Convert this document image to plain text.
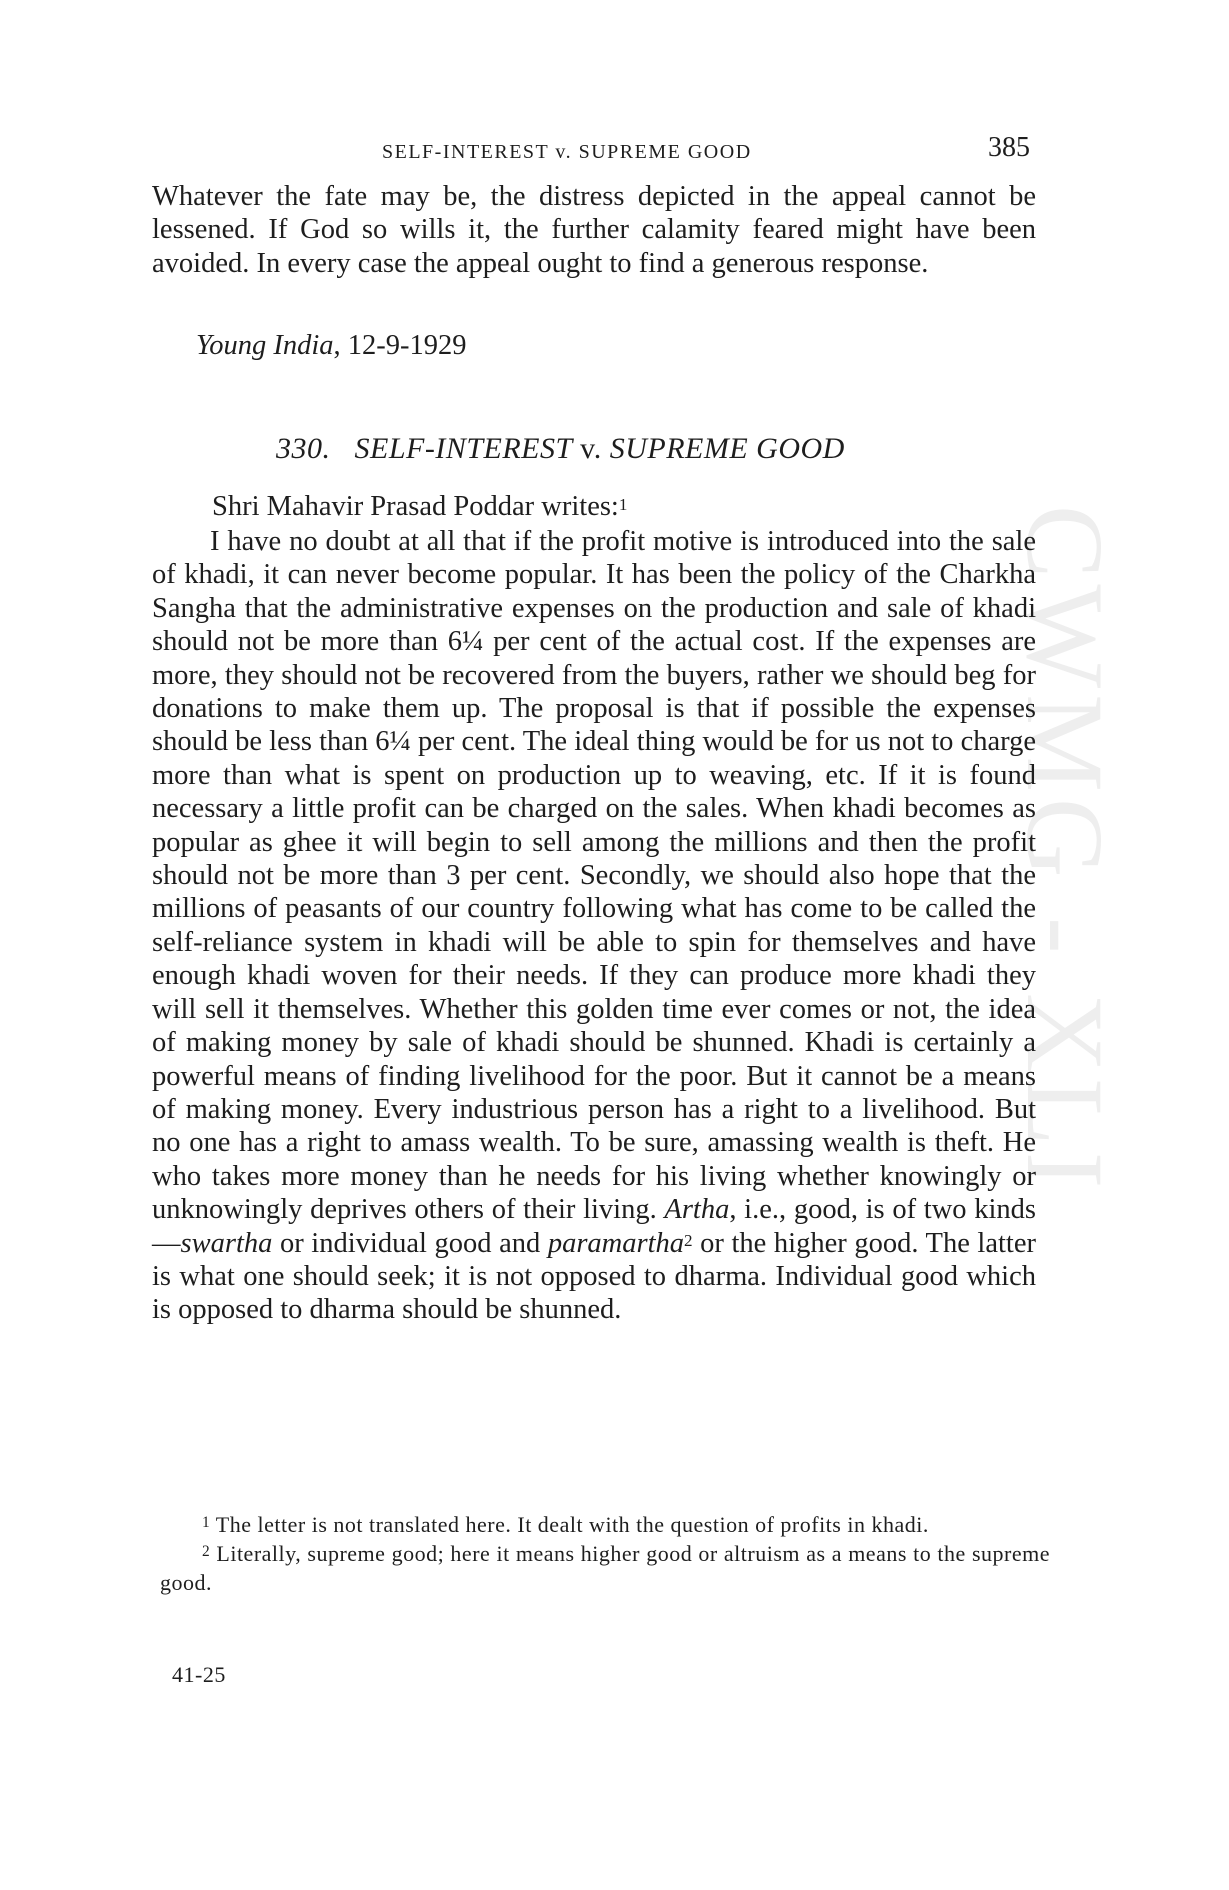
CWMG - XLI
SELF-INTEREST v. SUPREME GOOD	385

Whatever the fate may be, the distress depicted in the appeal cannot be lessened. If God so wills it, the further calamity feared might have been avoided. In every case the appeal ought to find a generous response.

Young India, 12-9-1929
330. SELF-INTEREST v. SUPREME GOOD
Shri Mahavir Prasad Poddar writes:$^1$

I have no doubt at all that if the profit motive is introduced into the sale of khadi, it can never become popular. It has been the policy of the Charkha Sangha that the administrative expenses on the production and sale of khadi should not be more than 6¼ per cent of the actual cost. If the expenses are more, they should not be recovered from the buyers, rather we should beg for donations to make them up. The proposal is that if possible the expenses should be less than 6¼ per cent. The ideal thing would be for us not to charge more than what is spent on production up to weaving, etc. If it is found necessary a little profit can be charged on the sales. When khadi becomes as popular as ghee it will begin to sell among the millions and then the profit should not be more than 3 per cent. Secondly, we should also hope that the millions of peasants of our country following what has come to be called the self-reliance system in khadi will be able to spin for themselves and have enough khadi woven for their needs. If they can produce more khadi they will sell it themselves. Whether this golden time ever comes or not, the idea of making money by sale of khadi should be shunned. Khadi is certainly a powerful means of finding livelihood for the poor. But it cannot be a means of making money. Every industrious person has a right to a livelihood. But no one has a right to amass wealth. To be sure, amassing wealth is theft. He who takes more money than he needs for his living whether knowingly or unknowingly deprives others of their living. Artha, i.e., good, is of two kinds—swartha or individual good and paramartha$^2$ or the higher good. The latter is what one should seek; it is not opposed to dharma. Individual good which is opposed to dharma should be shunned.

$^1$ The letter is not translated here. It dealt with the question of profits in khadi.

$^2$ Literally, supreme good; here it means higher good or altruism as a means to the supreme good.

41-25
